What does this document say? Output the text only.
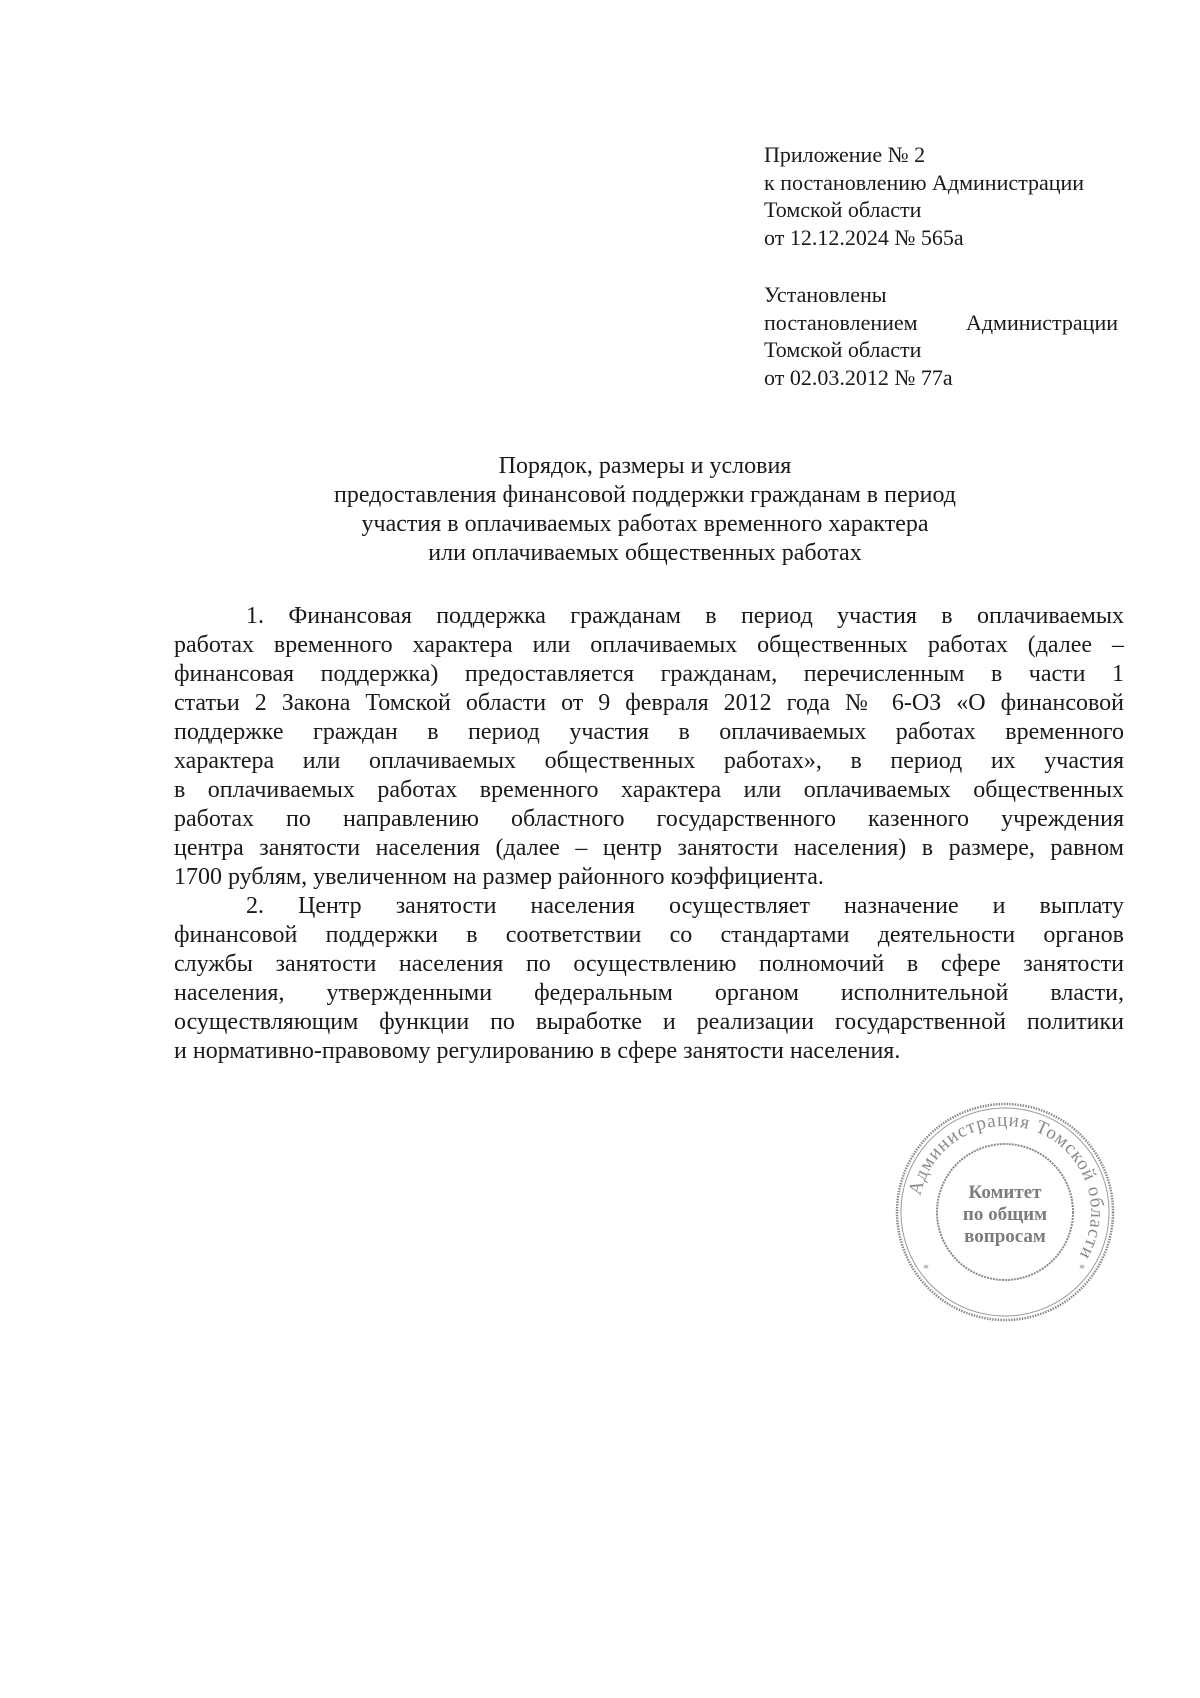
Приложение № 2
к постановлению Администрации
Томской области
от 12.12.2024 № 565а
Установлены
постановлением Администрации
Томской области
от 02.03.2012 № 77а
Порядок, размеры и условия
предоставления финансовой поддержки гражданам в период
участия в оплачиваемых работах временного характера
или оплачиваемых общественных работах
1. Финансовая поддержка гражданам в период участия в оплачиваемых
работах временного характера или оплачиваемых общественных работах (далее –
финансовая поддержка) предоставляется гражданам, перечисленным в части 1
статьи 2 Закона Томской области от 9 февраля 2012 года № 6-ОЗ «О финансовой
поддержке граждан в период участия в оплачиваемых работах временного
характера или оплачиваемых общественных работах», в период их участия
в оплачиваемых работах временного характера или оплачиваемых общественных
работах по направлению областного государственного казенного учреждения
центра занятости населения (далее – центр занятости населения) в размере, равном
1700 рублям, увеличенном на размер районного коэффициента.
2. Центр занятости населения осуществляет назначение и выплату
финансовой поддержки в соответствии со стандартами деятельности органов
службы занятости населения по осуществлению полномочий в сфере занятости
населения, утвержденными федеральным органом исполнительной власти,
осуществляющим функции по выработке и реализации государственной политики
и нормативно-правовому регулированию в сфере занятости населения.
Администрация Томской области
*	*
Комитет
по общим
вопросам
